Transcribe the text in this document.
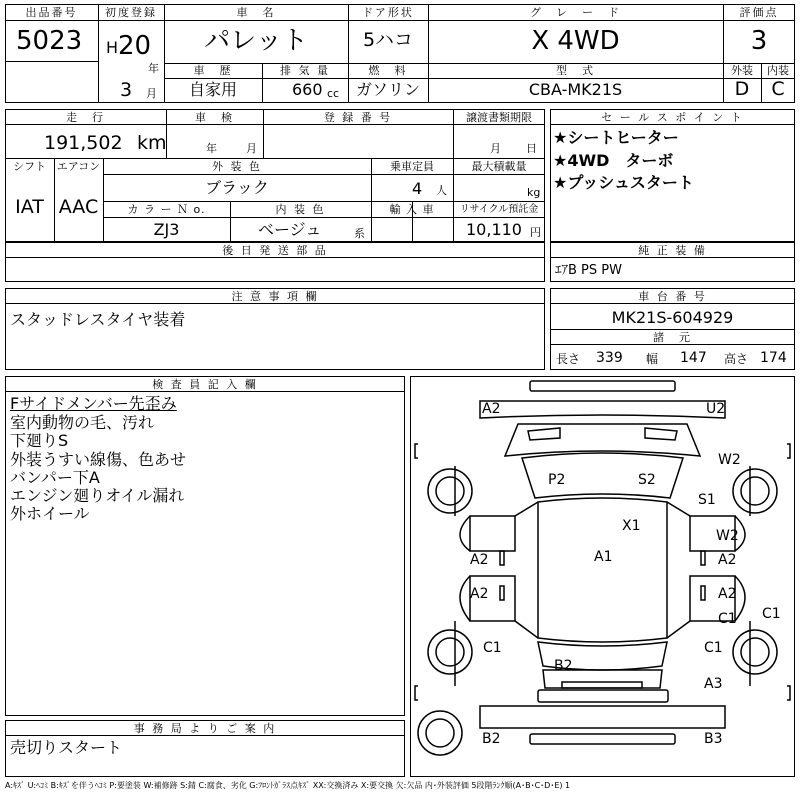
出品番号
5023
初度登録
H 20
年
3 月
車　名
パレット
ドア形状
5ハコ
グ　レ　ー　ド
X 4WD
評価点
3
車　歴
自家用
排 気 量
660 cc
燃　料
ガソリン
型　式
CBA-MK21S
外装
D
内装
C
走　行
191,502 km
車　検
年	月
登 録 番 号	譲渡書類期限
月 日
シフト
IAT
エアコン
AAC
外 装 色
ブラック
乗車定員
4 人
最大積載量
kg
カ ラ ー Ｎ o.
ZJ3
内 装 色
ベージュ	系
輸 入 車	リサイクル預託金
10,110 円
セ ー ル ス ポ イ ン ト
★シートヒーター
★4WD　ターボ
★プッシュスタート
後 日 発 送 部 品	純 正 装 備
ｴｱB PS PW
注 意 事 項 欄
スタッドレスタイヤ装着
車 台 番 号
MK21S-604929
諸　元
長さ 339 幅 147 高さ 174
検 査 員 記 入 欄
Fサイドメンバー先歪み
室内動物の毛、汚れ
下廻りS
外装うすい線傷、色あせ
バンパー下A
エンジン廻りオイル漏れ
外ホイール
事 務 局 よ り ご 案 内
売切りスタート
A2	U2
W2
P2	S2
S1
X1
W2
A2	A1	A2
A2	A2
C1 C1
C1	C1
B2
A3
B2	B3
A:ｷｽﾞ U:ﾍｺﾐ B:ｷｽﾞを伴うﾍｺﾐ P:要塗装 W:補修跡 S:錆 C:腐食、劣化 G:ﾌﾛﾝﾄｶﾞﾗｽ点ｷｽﾞ XX:交換済み X:要交換 欠:欠品 内･外装評価 5段階ﾗﾝｸ順(A･B･C･D･E) 1
